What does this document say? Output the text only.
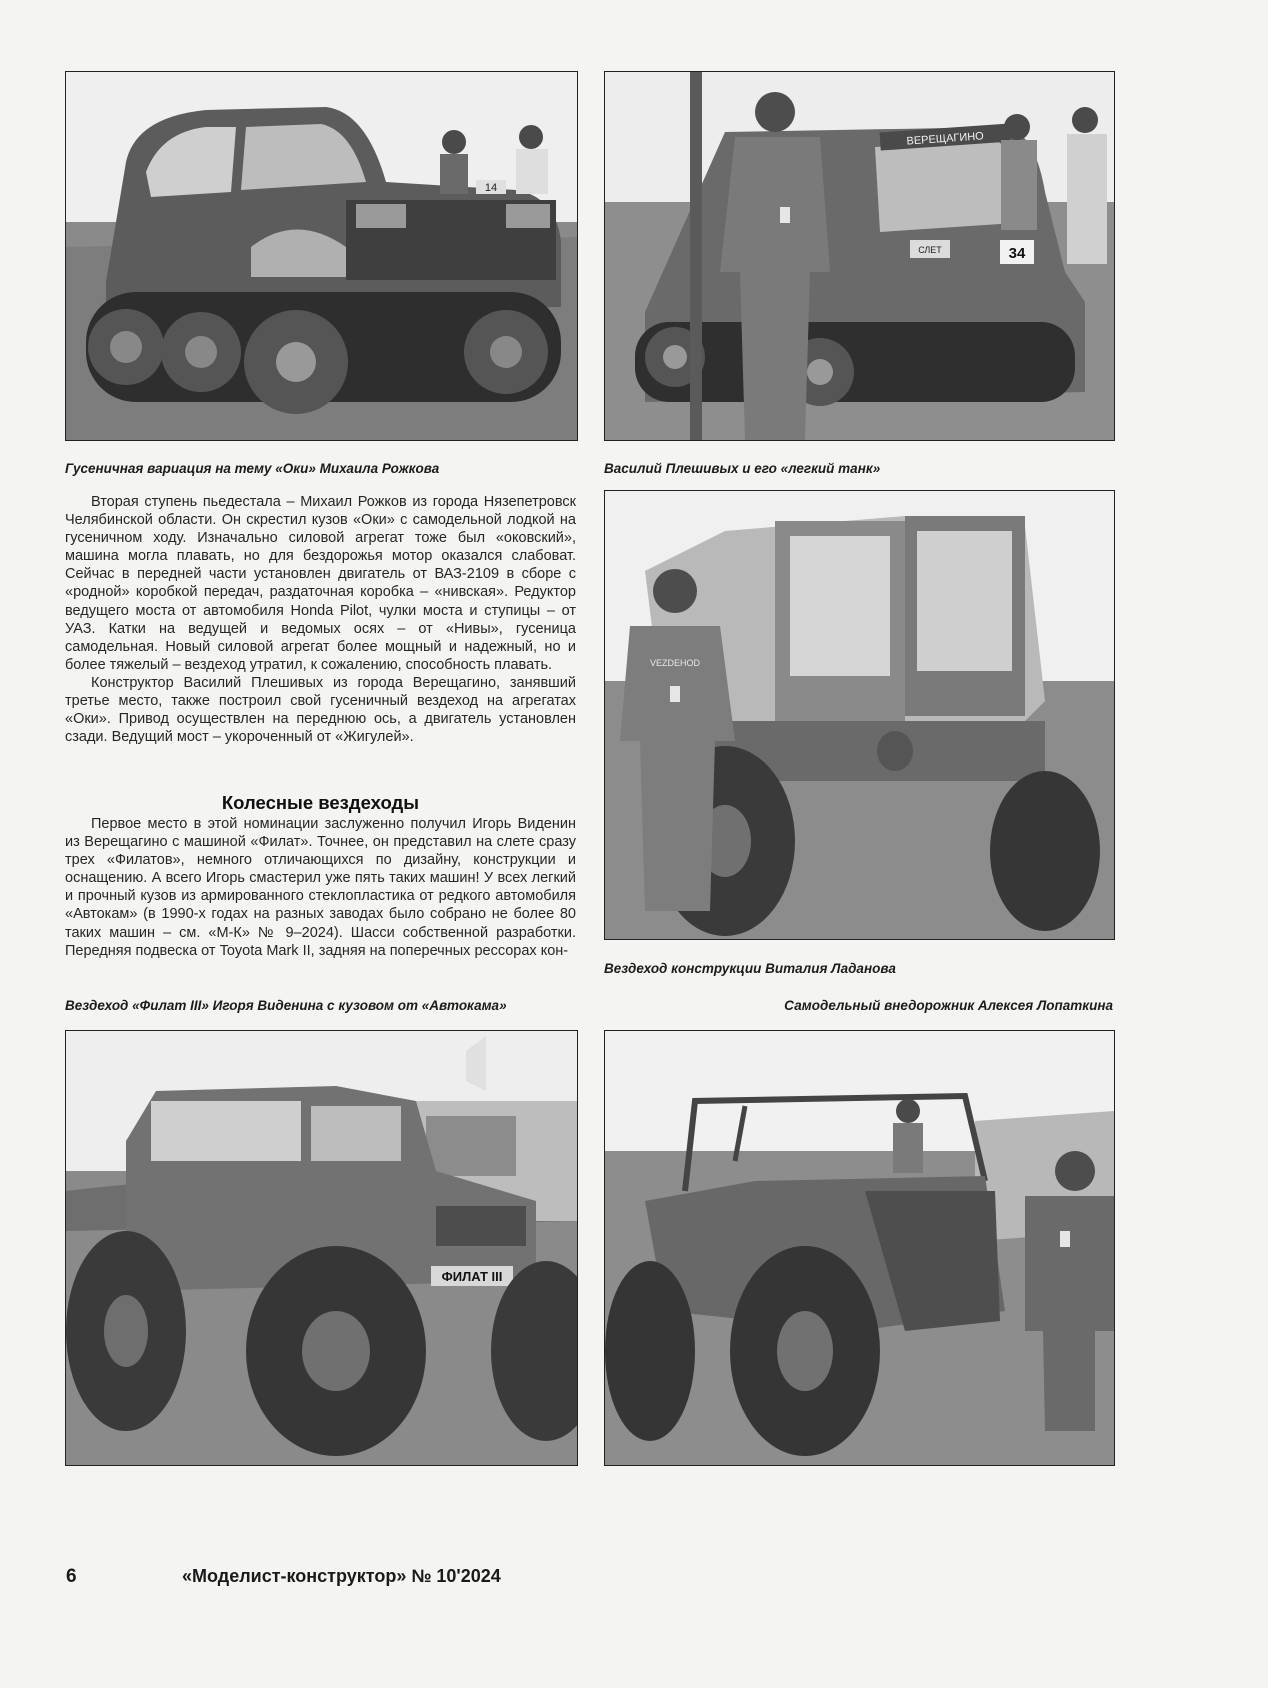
14
ВЕРЕЩАГИНО
34
СЛЕТ
Гусеничная вариация на тему «Оки» Михаила Рожкова	Василий Плешивых и его «легкий танк»

Вторая ступень пьедестала – Михаил Рожков из города Нязепетровск Челябинской области. Он скрестил кузов «Оки» с самодельной лодкой на гусеничном ходу. Изначально силовой агрегат тоже был «оковский», машина могла плавать, но для бездорожья мотор оказался слабоват. Сейчас в передней части установлен двигатель от ВАЗ-2109 в сборе с «родной» коробкой передач, раздаточная коробка – «нивская». Редуктор ведущего моста от автомобиля Honda Pilot, чулки моста и ступицы – от УАЗ. Катки на ведущей и ведомых осях – от «Нивы», гусеница самодельная. Новый силовой агрегат более мощный и надежный, но и более тяжелый – вездеход утратил, к сожалению, способность плавать.

Конструктор Василий Плешивых из города Верещагино, занявший третье место, также построил свой гусеничный вездеход на агрегатах «Оки». Привод осуществлен на переднюю ось, а двигатель установлен сзади. Ведущий мост – укороченный от «Жигулей».

Колесные вездеходы

Первое место в этой номинации заслуженно получил Игорь Виденин из Верещагино с машиной «Филат». Точнее, он представил на слете сразу трех «Филатов», немного отличающихся по дизайну, конструкции и оснащению. А всего Игорь смастерил уже пять таких машин! У всех легкий и прочный кузов из армированного стеклопластика от редкого автомобиля «Автокам» (в 1990-х годах на разных заводах было собрано не более 80 таких машин – см. «М-К» № 9–2024). Шасси собственной разработки. Передняя подвеска от Toyota Mark II, задняя на поперечных рессорах кон-

VEZDEHOD
Вездеход конструкции Виталия Ладанова
Вездеход «Филат III» Игоря Виденина с кузовом от «Автокама»	Самодельный внедорожник Алексея Лопаткина
ФИЛАТ III
6	«Моделист-конструктор» № 10'2024
